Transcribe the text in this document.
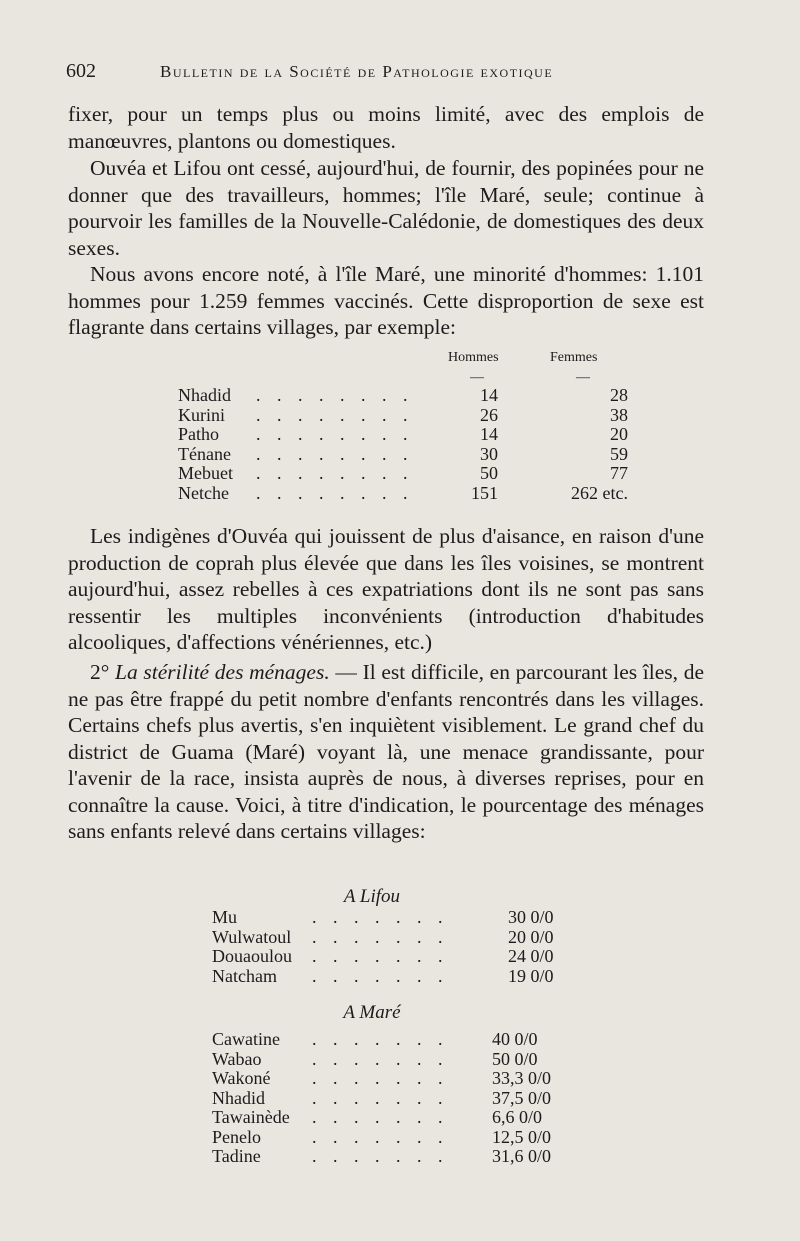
602	Bulletin de la Société de Pathologie exotique

fixer, pour un temps plus ou moins limité, avec des emplois de manœuvres, plantons ou domestiques.

Ouvéa et Lifou ont cessé, aujourd'hui, de fournir, des popinées pour ne donner que des travailleurs, hommes; l'île Maré, seule; continue à pourvoir les familles de la Nouvelle-Calédonie, de domestiques des deux sexes.

Nous avons encore noté, à l'île Maré, une minorité d'hommes: 1.101 hommes pour 1.259 femmes vaccinés. Cette disproportion de sexe est flagrante dans certains villages, par exemple:

Hommes	Femmes
—	—
Nhadid . . . . . . . .	14	28
Kurini . . . . . . . .	26	38
Patho . . . . . . . .	14	20
Ténane . . . . . . . .	30	59
Mebuet . . . . . . . .	50	77
Netche . . . . . . . .	151	262 etc.

Les indigènes d'Ouvéa qui jouissent de plus d'aisance, en raison d'une production de coprah plus élevée que dans les îles voisines, se montrent aujourd'hui, assez rebelles à ces expatriations dont ils ne sont pas sans ressentir les multiples inconvénients (introduction d'habitudes alcooliques, d'affections vénériennes, etc.)

2° La stérilité des ménages. — Il est difficile, en parcourant les îles, de ne pas être frappé du petit nombre d'enfants rencontrés dans les villages. Certains chefs plus avertis, s'en inquiètent visiblement. Le grand chef du district de Guama (Maré) voyant là, une menace grandissante, pour l'avenir de la race, insista auprès de nous, à diverses reprises, pour en connaître la cause. Voici, à titre d'indication, le pourcentage des ménages sans enfants relevé dans certains villages:

A Lifou
Mu	. . . . . . .	30 0/0
Wulwatoul . . . . . . .	20 0/0
Douaoulou . . . . . . .	24 0/0
Natcham . . . . . . .	19 0/0
A Maré
Cawatine . . . . . . . 40 0/0
Wabao	. . . . . . . 50 0/0
Wakoné . . . . . . . 33,3 0/0
Nhadid	. . . . . . . 37,5 0/0
Tawainède . . . . . . . 6,6 0/0
Penelo	. . . . . . . 12,5 0/0
Tadine	. . . . . . . 31,6 0/0
